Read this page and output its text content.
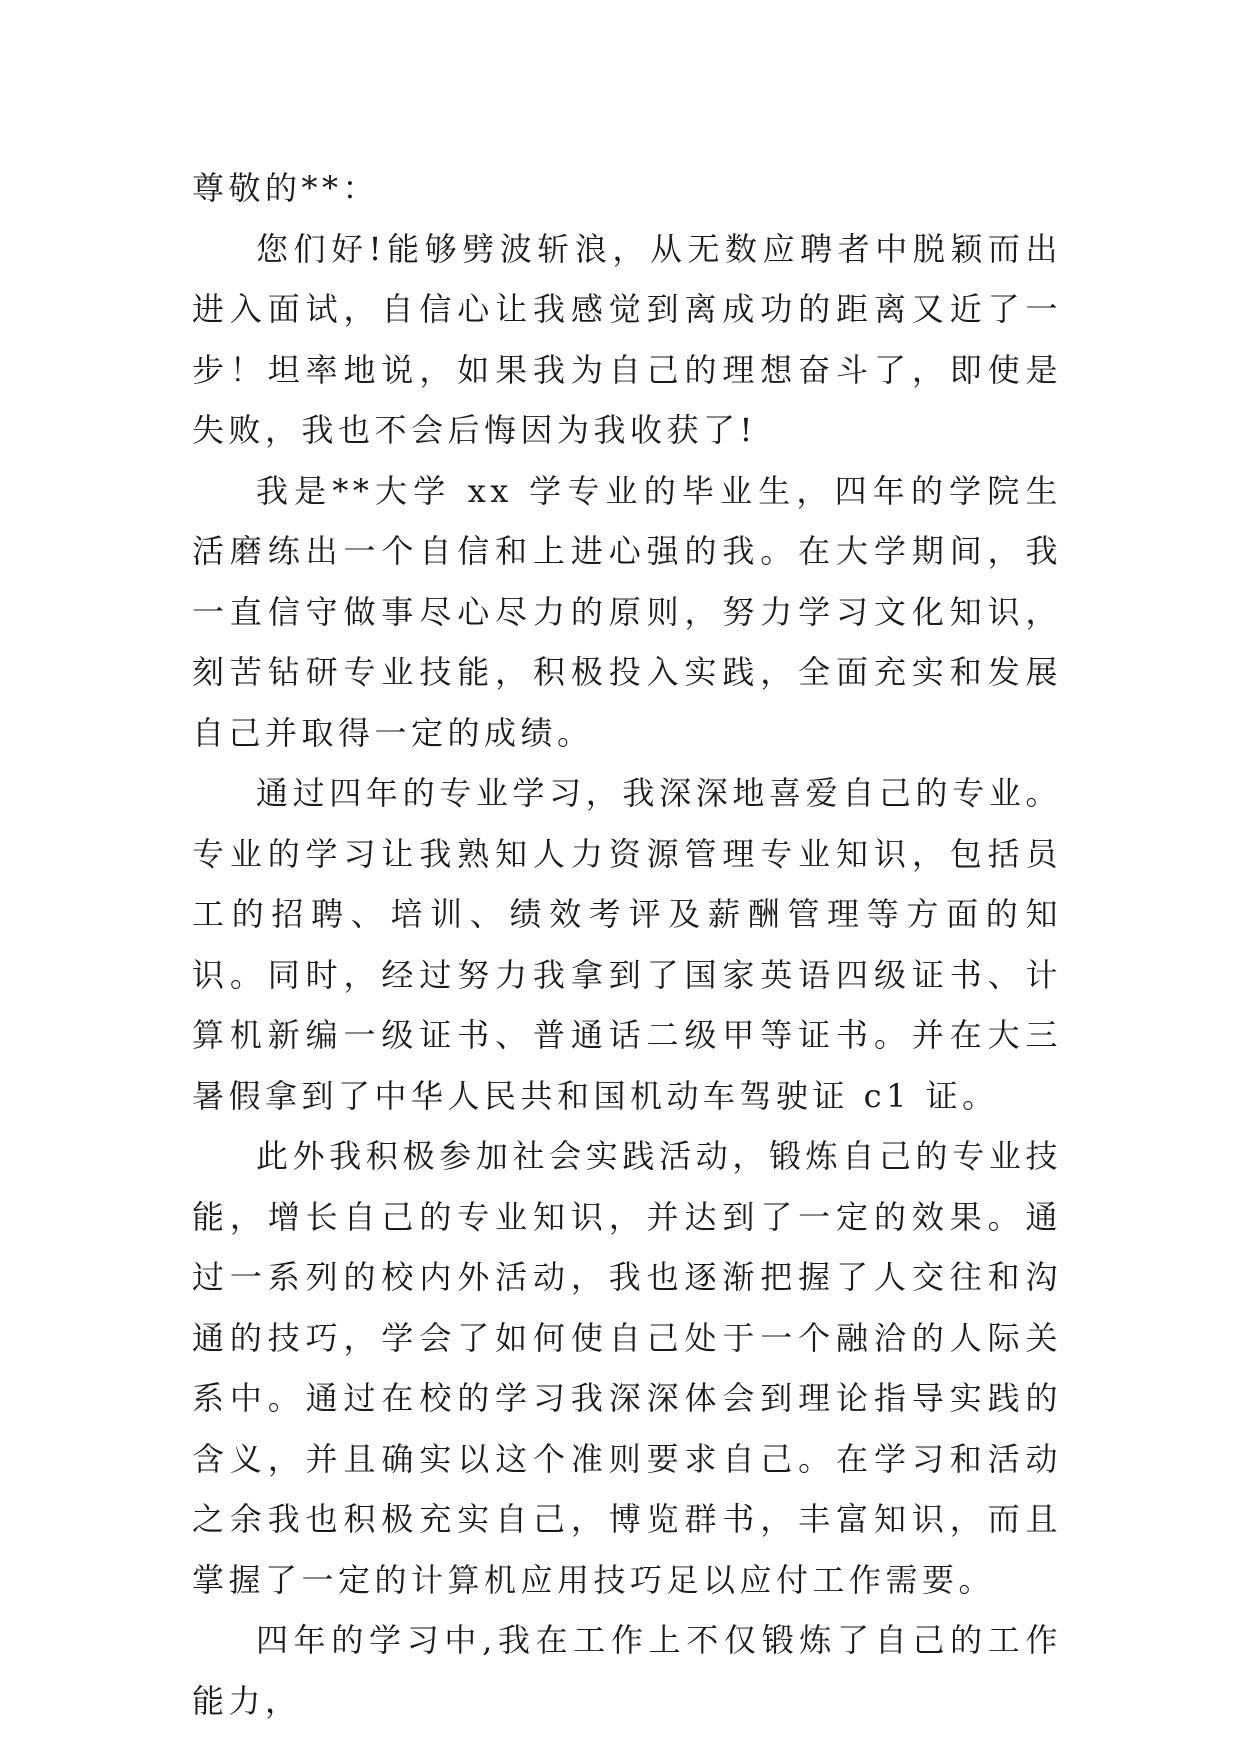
尊敬的**：

您们好!能够劈波斩浪，从无数应聘者中脱颖而出进入面试，自信心让我感觉到离成功的距离又近了一步！坦率地说，如果我为自己的理想奋斗了，即使是失败，我也不会后悔因为我收获了!

我是**大学 xx 学专业的毕业生，四年的学院生活磨练出一个自信和上进心强的我。在大学期间，我一直信守做事尽心尽力的原则，努力学习文化知识，刻苦钻研专业技能，积极投入实践，全面充实和发展自己并取得一定的成绩。

通过四年的专业学习，我深深地喜爱自己的专业。专业的学习让我熟知人力资源管理专业知识，包括员工的招聘、培训、绩效考评及薪酬管理等方面的知识。同时，经过努力我拿到了国家英语四级证书、计算机新编一级证书、普通话二级甲等证书。并在大三暑假拿到了中华人民共和国机动车驾驶证 c1 证。

此外我积极参加社会实践活动，锻炼自己的专业技能，增长自己的专业知识，并达到了一定的效果。通过一系列的校内外活动，我也逐渐把握了人交往和沟通的技巧，学会了如何使自己处于一个融洽的人际关系中。通过在校的学习我深深体会到理论指导实践的含义，并且确实以这个准则要求自己。在学习和活动之余我也积极充实自己，博览群书，丰富知识，而且掌握了一定的计算机应用技巧足以应付工作需要。

四年的学习中,我在工作上不仅锻炼了自己的工作能力，
